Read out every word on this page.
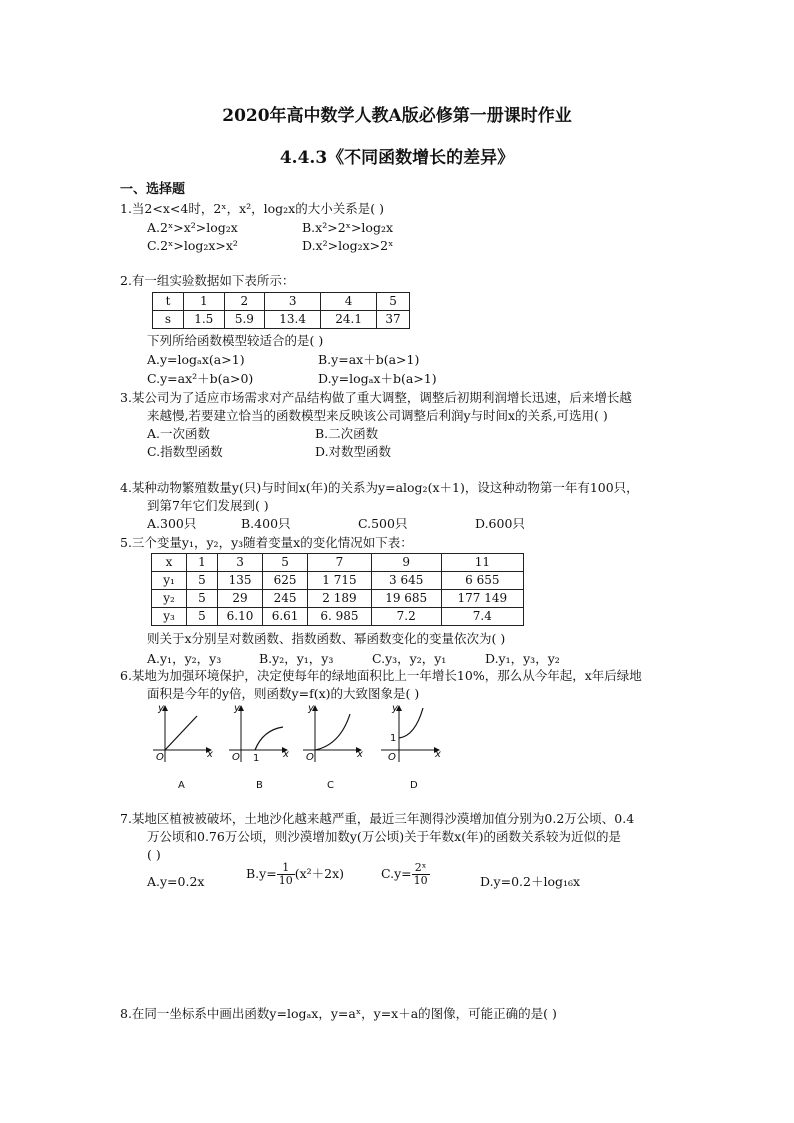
2020年高中数学人教A版必修第一册课时作业
4.4.3《不同函数增长的差异》
一、选择题
1.当2<x<4时，2ˣ，x²，log₂x的大小关系是( )
A.2ˣ>x²>log₂x	B.x²>2ˣ>log₂x
C.2ˣ>log₂x>x²	D.x²>log₂x>2ˣ
2.有一组实验数据如下表所示：
t	1	2	3	4	5
s	1.5	5.9	13.4	24.1	37
下列所给函数模型较适合的是( )
A.y=logₐx(a>1)	B.y=ax＋b(a>1)
C.y=ax²＋b(a>0)	D.y=logₐx＋b(a>1)
3.某公司为了适应市场需求对产品结构做了重大调整，调整后初期利润增长迅速，后来增长越
来越慢,若要建立恰当的函数模型来反映该公司调整后利润y与时间x的关系,可选用( )
A.一次函数	B.二次函数
C.指数型函数	D.对数型函数
4.某种动物繁殖数量y(只)与时间x(年)的关系为y=alog₂(x＋1)，设这种动物第一年有100只，
到第7年它们发展到( )
A.300只	B.400只	C.500只	D.600只
5.三个变量y₁，y₂，y₃随着变量x的变化情况如下表：
x	1	3	5	7	9	11
y₁	5	135	625	1 715	3 645	6 655
y₂	5	29	245	2 189	19 685	177 149
y₃	5	6.10	6.61	6. 985	7.2	7.4
则关于x分别呈对数函数、指数函数、幂函数变化的变量依次为( )
A.y₁，y₂，y₃	B.y₂，y₁，y₃	C.y₃，y₂，y₁	D.y₁，y₃，y₂
6.某地为加强环境保护，决定使每年的绿地面积比上一年增长10%，那么从今年起，x年后绿地
面积是今年的y倍，则函数y=f(x)的大致图象是( )
y
x
O
A
y
x
O 1
B
y
x
O
C
y
x
O
1
D
7.某地区植被被破坏，土地沙化越来越严重，最近三年测得沙漠增加值分别为0.2万公顷、0.4
万公顷和0.76万公顷，则沙漠增加数y(万公顷)关于年数x(年)的函数关系较为近似的是
( )
A.y=0.2x
$B.y= \frac{1}{10} (x^2+2x)$	$C.y= \frac{\text{2ˣ}}{10}$	D.y=0.2＋log₁₆x
8.在同一坐标系中画出函数y=logₐx，y=aˣ，y=x＋a的图像，可能正确的是( )
